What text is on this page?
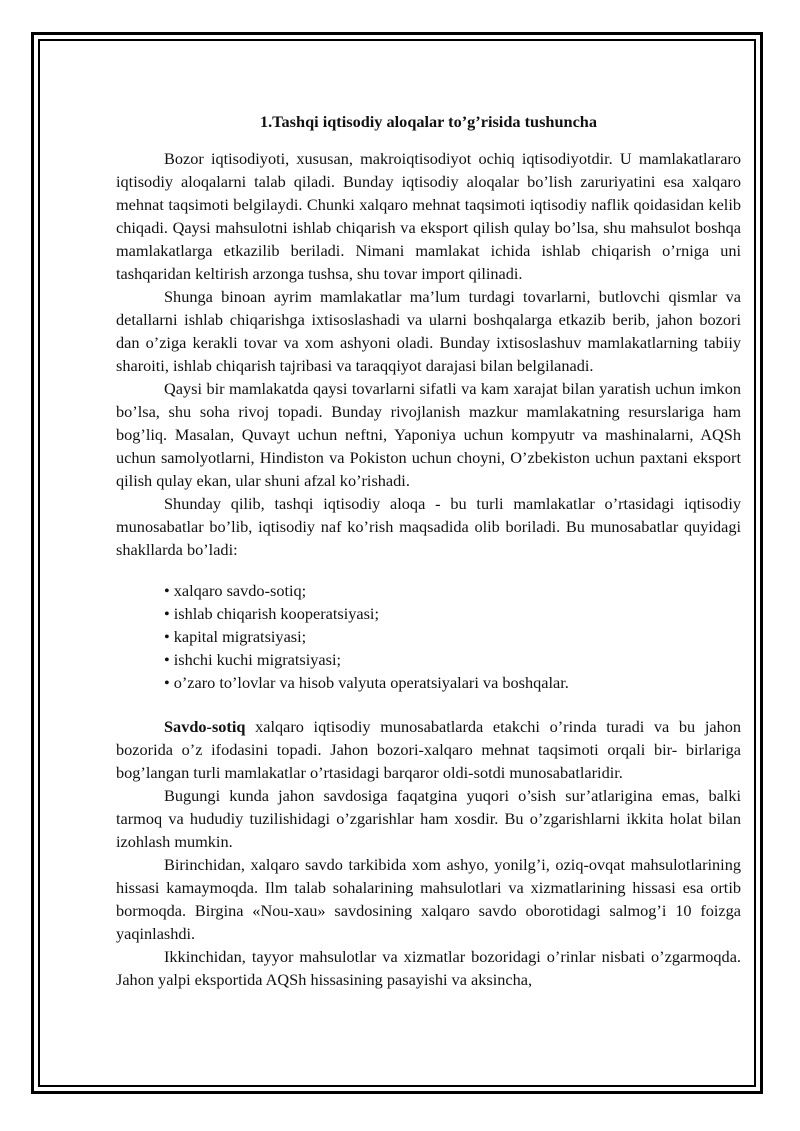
1.Tashqi iqtisodiy aloqalar to’g’risida tushuncha

Bozor iqtisodiyoti, xususan, makroiqtisodiyot ochiq iqtisodiyotdir. U mamlakatlararo iqtisodiy aloqalarni talab qiladi. Bunday iqtisodiy aloqalar bo’lish zaruriyatini esa xalqaro mehnat taqsimoti belgilaydi. Chunki xalqaro mehnat taqsimoti iqtisodiy naflik qoidasidan kelib chiqadi. Qaysi mahsulotni ishlab chiqarish va eksport qilish qulay bo’lsa, shu mahsulot boshqa mamlakatlarga etkazilib beriladi. Nimani mamlakat ichida ishlab chiqarish o’rniga uni tashqaridan keltirish arzonga tushsa, shu tovar import qilinadi.

Shunga binoan ayrim mamlakatlar ma’lum turdagi tovarlarni, butlovchi qismlar va detallarni ishlab chiqarishga ixtisoslashadi va ularni boshqalarga etkazib berib, jahon bozori dan o’ziga kerakli tovar va xom ashyoni oladi. Bunday ixtisoslashuv mamlakatlarning tabiiy sharoiti, ishlab chiqarish tajribasi va taraqqiyot darajasi bilan belgilanadi.

Qaysi bir mamlakatda qaysi tovarlarni sifatli va kam xarajat bilan yaratish uchun imkon bo’lsa, shu soha rivoj topadi. Bunday rivojlanish mazkur mamlakatning resurslariga ham bog’liq. Masalan, Quvayt uchun neftni, Yaponiya uchun kompyutr va mashinalarni, AQSh uchun samolyotlarni, Hindiston va Pokiston uchun choyni, O’zbekiston uchun paxtani eksport qilish qulay ekan, ular shuni afzal ko’rishadi.

Shunday qilib, tashqi iqtisodiy aloqa - bu turli mamlakatlar o’rtasidagi iqtisodiy munosabatlar bo’lib, iqtisodiy naf ko’rish maqsadida olib boriladi. Bu munosabatlar quyidagi shakllarda bo’ladi:

• xalqaro savdo-sotiq;
• ishlab chiqarish kooperatsiyasi;
• kapital migratsiyasi;
• ishchi kuchi migratsiyasi;
• o’zaro to’lovlar va hisob valyuta operatsiyalari va boshqalar.

Savdo-sotiq xalqaro iqtisodiy munosabatlarda etakchi o’rinda turadi va bu jahon bozorida o’z ifodasini topadi. Jahon bozori-xalqaro mehnat taqsimoti orqali bir- birlariga bog’langan turli mamlakatlar o’rtasidagi barqaror oldi-sotdi munosabatlaridir.

Bugungi kunda jahon savdosiga faqatgina yuqori o’sish sur’atlarigina emas, balki tarmoq va hududiy tuzilishidagi o’zgarishlar ham xosdir. Bu o’zgarishlarni ikkita holat bilan izohlash mumkin.

Birinchidan, xalqaro savdo tarkibida xom ashyo, yonilg’i, oziq-ovqat mahsulotlarining hissasi kamaymoqda. Ilm talab sohalarining mahsulotlari va xizmatlarining hissasi esa ortib bormoqda. Birgina «Nou-xau» savdosining xalqaro savdo oborotidagi salmog’i 10 foizga yaqinlashdi.

Ikkinchidan, tayyor mahsulotlar va xizmatlar bozoridagi o’rinlar nisbati o’zgarmoqda. Jahon yalpi eksportida AQSh hissasining pasayishi va aksincha,
